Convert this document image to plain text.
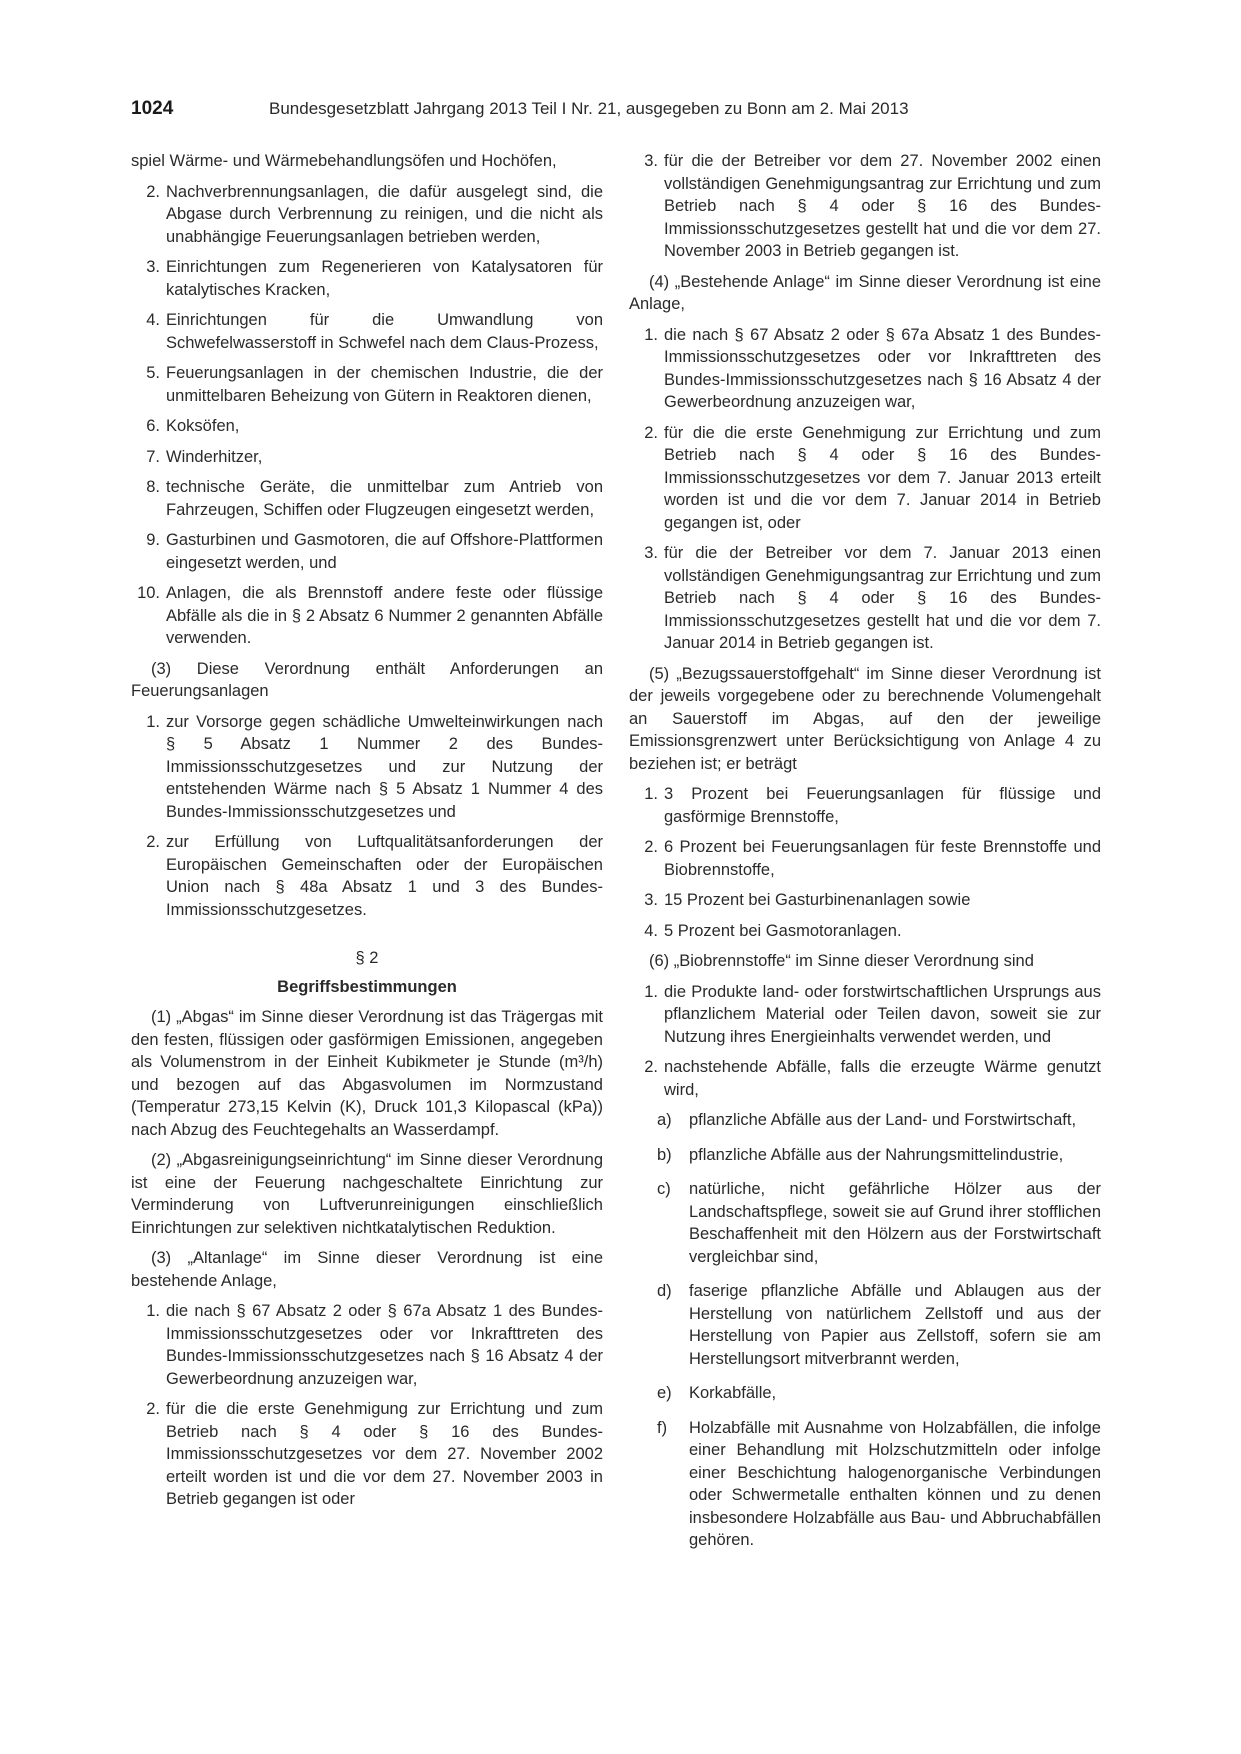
1024	Bundesgesetzblatt Jahrgang 2013 Teil I Nr. 21, ausgegeben zu Bonn am 2. Mai 2013

spiel Wärme- und Wärmebehandlungsöfen und Hochöfen,

2. Nachverbrennungsanlagen, die dafür ausgelegt sind, die Abgase durch Verbrennung zu reinigen, und die nicht als unabhängige Feuerungsanlagen betrieben werden,
3. Einrichtungen zum Regenerieren von Katalysatoren für katalytisches Kracken,
4. Einrichtungen für die Umwandlung von Schwefelwasserstoff in Schwefel nach dem Claus-Prozess,
5. Feuerungsanlagen in der chemischen Industrie, die der unmittelbaren Beheizung von Gütern in Reaktoren dienen,
6. Koksöfen,
7. Winderhitzer,
8. technische Geräte, die unmittelbar zum Antrieb von Fahrzeugen, Schiffen oder Flugzeugen eingesetzt werden,
9. Gasturbinen und Gasmotoren, die auf Offshore-Plattformen eingesetzt werden, und
10. Anlagen, die als Brennstoff andere feste oder flüssige Abfälle als die in § 2 Absatz 6 Nummer 2 genannten Abfälle verwenden.

(3) Diese Verordnung enthält Anforderungen an Feuerungsanlagen

1. zur Vorsorge gegen schädliche Umwelteinwirkungen nach § 5 Absatz 1 Nummer 2 des Bundes-Immissionsschutzgesetzes und zur Nutzung der entstehenden Wärme nach § 5 Absatz 1 Nummer 4 des Bundes-Immissionsschutzgesetzes und
2. zur Erfüllung von Luftqualitätsanforderungen der Europäischen Gemeinschaften oder der Europäischen Union nach § 48a Absatz 1 und 3 des Bundes-Immissionsschutzgesetzes.
§ 2
Begriffsbestimmungen

(1) „Abgas“ im Sinne dieser Verordnung ist das Trägergas mit den festen, flüssigen oder gasförmigen Emissionen, angegeben als Volumenstrom in der Einheit Kubikmeter je Stunde (m³/h) und bezogen auf das Abgasvolumen im Normzustand (Temperatur 273,15 Kelvin (K), Druck 101,3 Kilopascal (kPa)) nach Abzug des Feuchtegehalts an Wasserdampf.

(2) „Abgasreinigungseinrichtung“ im Sinne dieser Verordnung ist eine der Feuerung nachgeschaltete Einrichtung zur Verminderung von Luftverunreinigungen einschließlich Einrichtungen zur selektiven nichtkatalytischen Reduktion.

(3) „Altanlage“ im Sinne dieser Verordnung ist eine bestehende Anlage,

1. die nach § 67 Absatz 2 oder § 67a Absatz 1 des Bundes-Immissionsschutzgesetzes oder vor Inkrafttreten des Bundes-Immissionsschutzgesetzes nach § 16 Absatz 4 der Gewerbeordnung anzuzeigen war,
2. für die die erste Genehmigung zur Errichtung und zum Betrieb nach § 4 oder § 16 des Bundes-Immissionsschutzgesetzes vor dem 27. November 2002 erteilt worden ist und die vor dem 27. November 2003 in Betrieb gegangen ist oder
3. für die der Betreiber vor dem 27. November 2002 einen vollständigen Genehmigungsantrag zur Errichtung und zum Betrieb nach § 4 oder § 16 des Bundes-Immissionsschutzgesetzes gestellt hat und die vor dem 27. November 2003 in Betrieb gegangen ist.

(4) „Bestehende Anlage“ im Sinne dieser Verordnung ist eine Anlage,

1. die nach § 67 Absatz 2 oder § 67a Absatz 1 des Bundes-Immissionsschutzgesetzes oder vor Inkrafttreten des Bundes-Immissionsschutzgesetzes nach § 16 Absatz 4 der Gewerbeordnung anzuzeigen war,
2. für die die erste Genehmigung zur Errichtung und zum Betrieb nach § 4 oder § 16 des Bundes-Immissionsschutzgesetzes vor dem 7. Januar 2013 erteilt worden ist und die vor dem 7. Januar 2014 in Betrieb gegangen ist, oder
3. für die der Betreiber vor dem 7. Januar 2013 einen vollständigen Genehmigungsantrag zur Errichtung und zum Betrieb nach § 4 oder § 16 des Bundes-Immissionsschutzgesetzes gestellt hat und die vor dem 7. Januar 2014 in Betrieb gegangen ist.

(5) „Bezugssauerstoffgehalt“ im Sinne dieser Verordnung ist der jeweils vorgegebene oder zu berechnende Volumengehalt an Sauerstoff im Abgas, auf den der jeweilige Emissionsgrenzwert unter Berücksichtigung von Anlage 4 zu beziehen ist; er beträgt

1. 3 Prozent bei Feuerungsanlagen für flüssige und gasförmige Brennstoffe,
2. 6 Prozent bei Feuerungsanlagen für feste Brennstoffe und Biobrennstoffe,
3. 15 Prozent bei Gasturbinenanlagen sowie
4. 5 Prozent bei Gasmotoranlagen.

(6) „Biobrennstoffe“ im Sinne dieser Verordnung sind

1. die Produkte land- oder forstwirtschaftlichen Ursprungs aus pflanzlichem Material oder Teilen davon, soweit sie zur Nutzung ihres Energieinhalts verwendet werden, und
2. nachstehende Abfälle, falls die erzeugte Wärme genutzt wird,
a)	pflanzliche Abfälle aus der Land- und Forstwirtschaft,
b)	pflanzliche Abfälle aus der Nahrungsmittelindustrie,
c)	natürliche, nicht gefährliche Hölzer aus der Landschaftspflege, soweit sie auf Grund ihrer stofflichen Beschaffenheit mit den Hölzern aus der Forstwirtschaft vergleichbar sind,
d)	faserige pflanzliche Abfälle und Ablaugen aus der Herstellung von natürlichem Zellstoff und aus der Herstellung von Papier aus Zellstoff, sofern sie am Herstellungsort mitverbrannt werden,
e)	Korkabfälle,
f)	Holzabfälle mit Ausnahme von Holzabfällen, die infolge einer Behandlung mit Holzschutzmitteln oder infolge einer Beschichtung halogenorganische Verbindungen oder Schwermetalle enthalten können und zu denen insbesondere Holzabfälle aus Bau- und Abbruchabfällen gehören.
